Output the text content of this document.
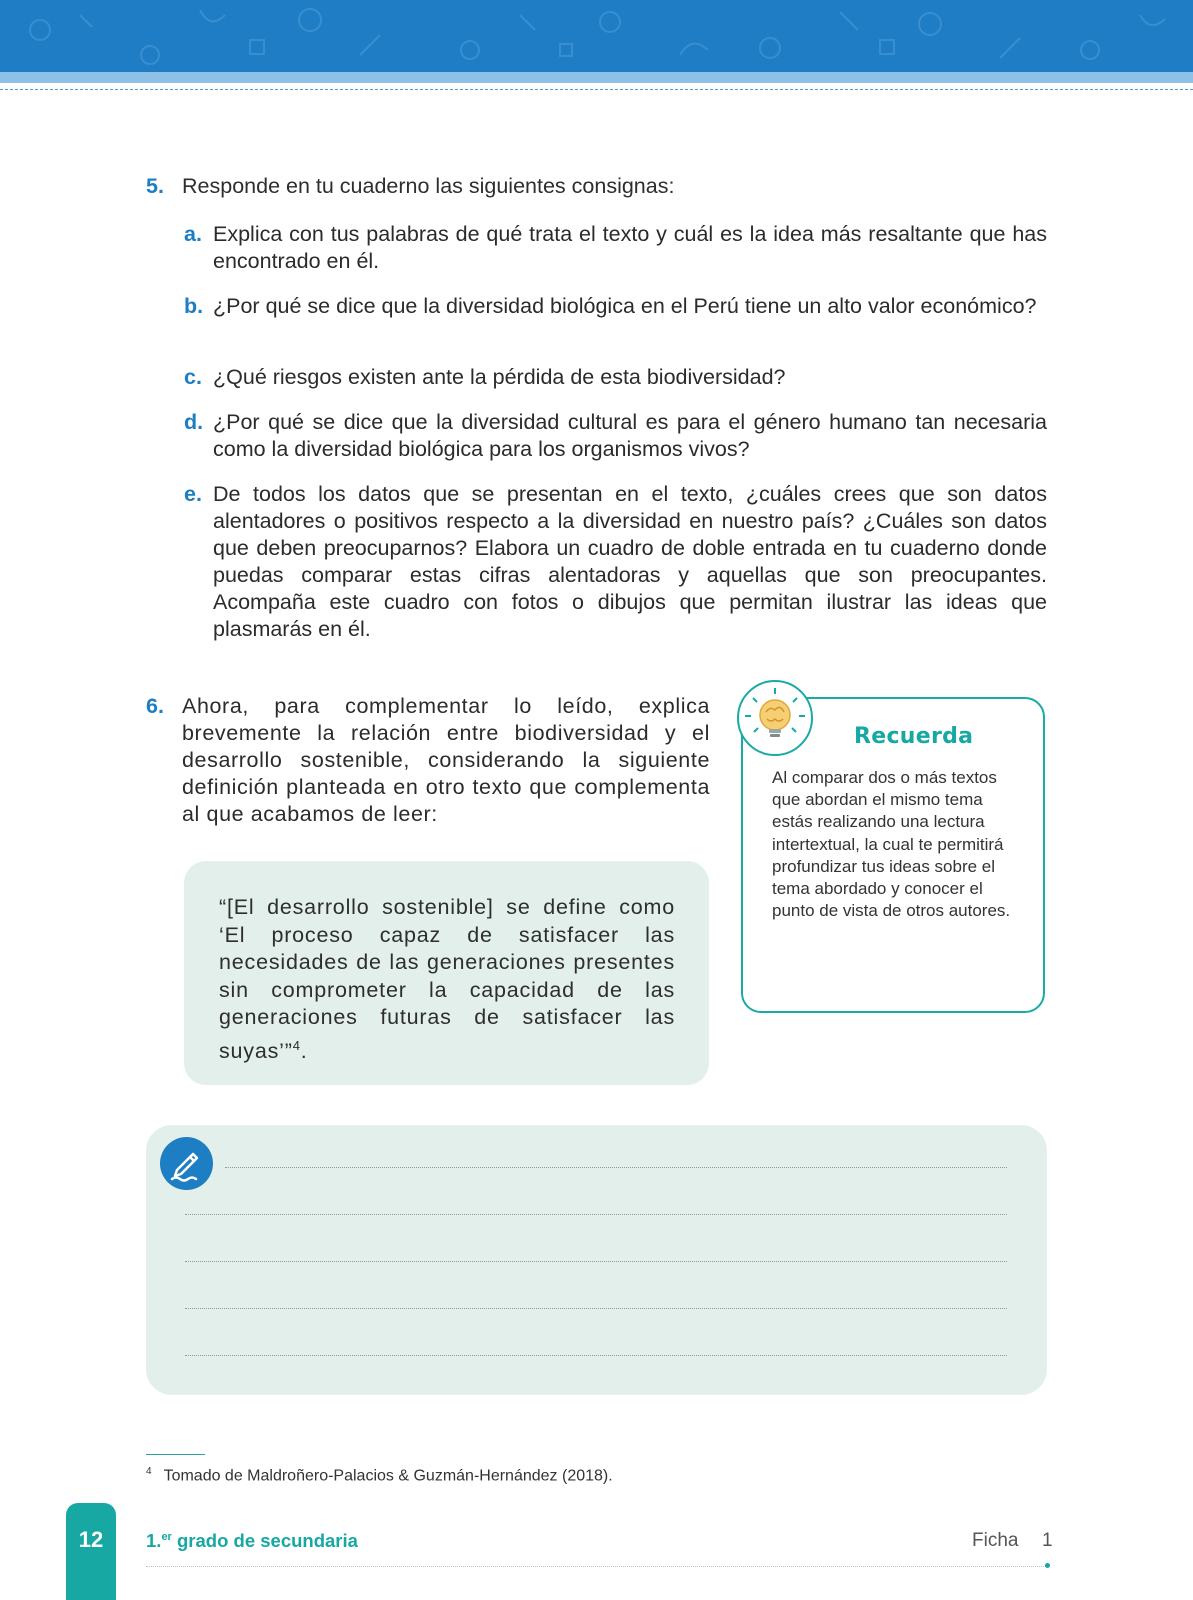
5. Responde en tu cuaderno las siguientes consignas:
a. Explica con tus palabras de qué trata el texto y cuál es la idea más resaltante que has encontrado en él.
b. ¿Por qué se dice que la diversidad biológica en el Perú tiene un alto valor económico?
c. ¿Qué riesgos existen ante la pérdida de esta biodiversidad?
d. ¿Por qué se dice que la diversidad cultural es para el género humano tan necesaria como la diversidad biológica para los organismos vivos?
e. De todos los datos que se presentan en el texto, ¿cuáles crees que son datos alentadores o positivos respecto a la diversidad en nuestro país? ¿Cuáles son datos que deben preocuparnos? Elabora un cuadro de doble entrada en tu cuaderno donde puedas comparar estas cifras alentadoras y aquellas que son preocupantes. Acompaña este cuadro con fotos o dibujos que permitan ilustrar las ideas que plasmarás en él.
6. Ahora, para complementar lo leído, explica brevemente la relación entre biodiversidad y el desarrollo sostenible, considerando la siguiente definición planteada en otro texto que complementa al que acabamos de leer:
“[El desarrollo sostenible] se define como ‘El proceso capaz de satisfacer las necesidades de las generaciones presentes sin comprometer la capacidad de las generaciones futuras de satisfacer las suyas’”$^4$.
Recuerda
Al comparar dos o más textos que abordan el mismo tema estás realizando una lectura intertextual, la cual te permitirá profundizar tus ideas sobre el tema abordado y conocer el punto de vista de otros autores.
$^4$ Tomado de Maldroñero-Palacios & Guzmán-Hernández (2018).
12	1.$^{er}$ grado de secundaria	Ficha 1
